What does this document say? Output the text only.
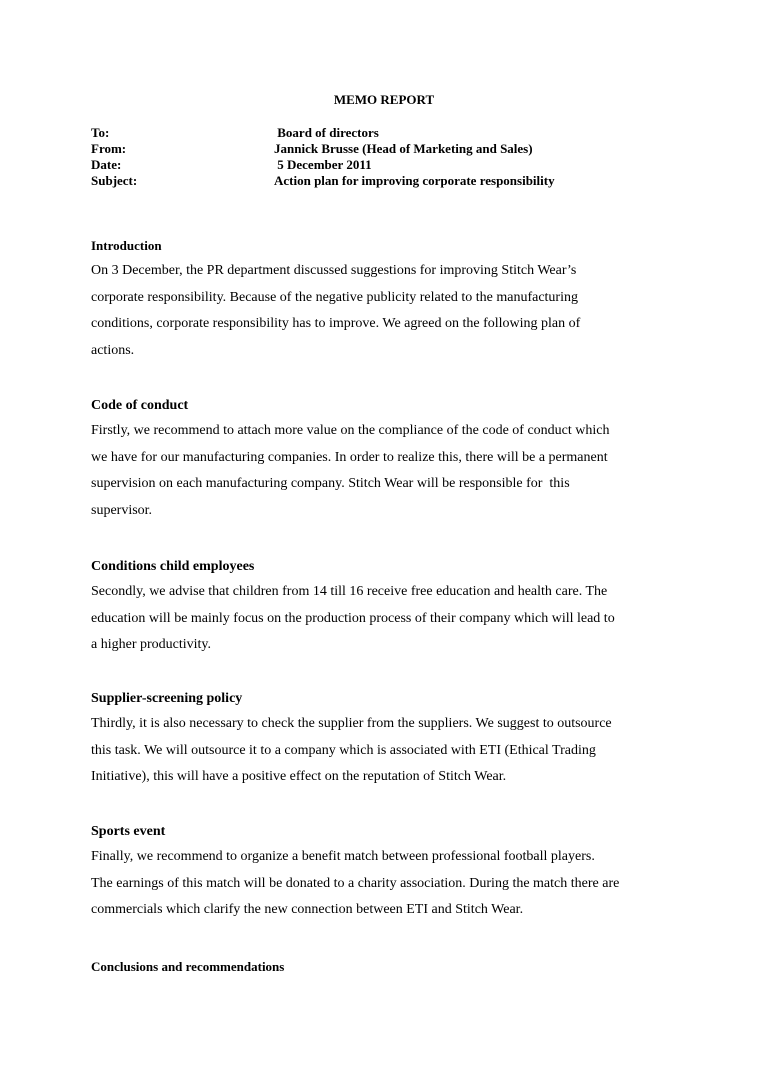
MEMO REPORT
To:	Board of directors
From:	Jannick Brusse (Head of Marketing and Sales)
Date:	5 December 2011
Subject:	Action plan for improving corporate responsibility
Introduction
On 3 December, the PR department discussed suggestions for improving Stitch Wear’s
corporate responsibility. Because of the negative publicity related to the manufacturing
conditions, corporate responsibility has to improve. We agreed on the following plan of
actions.
Code of conduct
Firstly, we recommend to attach more value on the compliance of the code of conduct which
we have for our manufacturing companies. In order to realize this, there will be a permanent
supervision on each manufacturing company. Stitch Wear will be responsible for  this
supervisor.
Conditions child employees
Secondly, we advise that children from 14 till 16 receive free education and health care. The
education will be mainly focus on the production process of their company which will lead to
a higher productivity.
Supplier-screening policy
Thirdly, it is also necessary to check the supplier from the suppliers. We suggest to outsource
this task. We will outsource it to a company which is associated with ETI (Ethical Trading
Initiative), this will have a positive effect on the reputation of Stitch Wear.
Sports event
Finally, we recommend to organize a benefit match between professional football players.
The earnings of this match will be donated to a charity association. During the match there are
commercials which clarify the new connection between ETI and Stitch Wear.
Conclusions and recommendations
